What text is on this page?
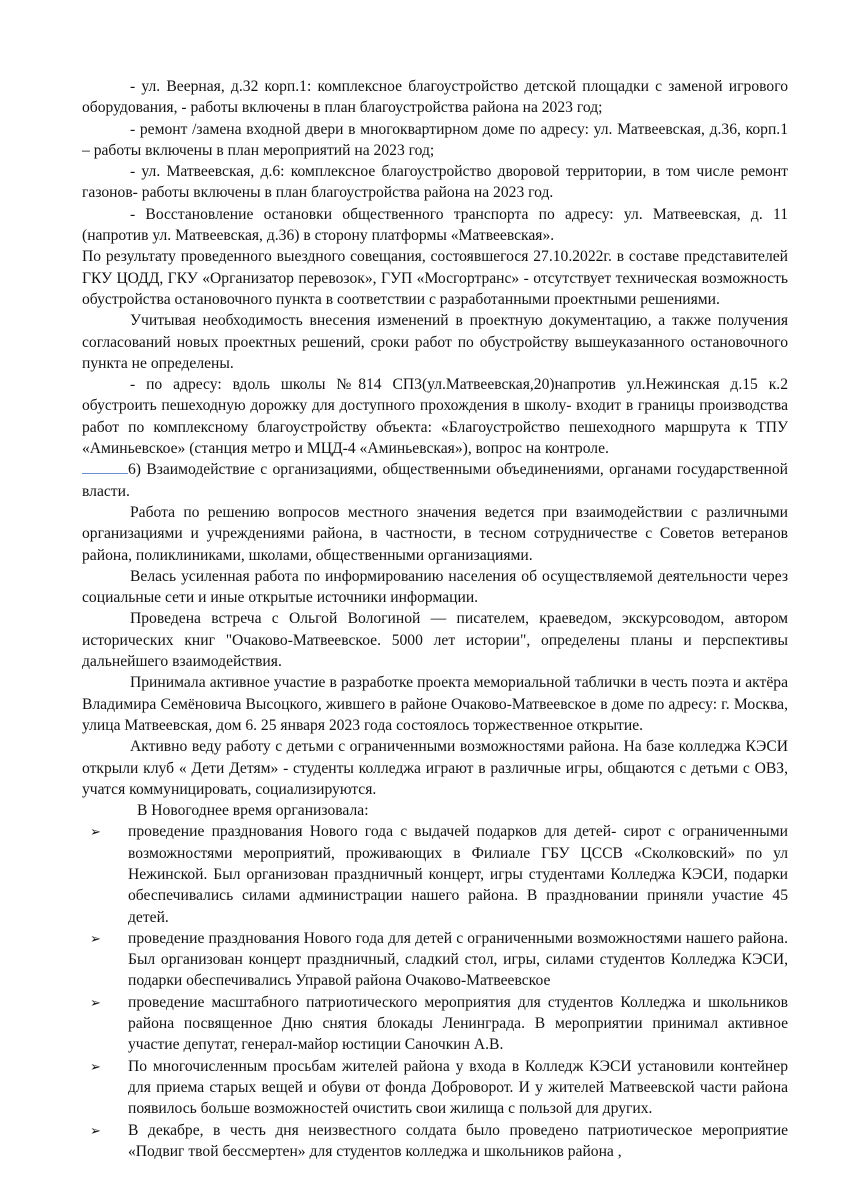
- ул. Веерная, д.32 корп.1: комплексное благоустройство детской площадки с заменой игрового оборудования, - работы включены в план благоустройства района на 2023 год;

- ремонт /замена входной двери в многоквартирном доме по адресу: ул. Матвеевская, д.36, корп.1 – работы включены в план мероприятий на 2023 год;

- ул. Матвеевская, д.6: комплексное благоустройство дворовой территории, в том числе ремонт газонов- работы включены в план благоустройства района на 2023 год.

- Восстановление остановки общественного транспорта по адресу: ул. Матвеевская, д. 11 (напротив ул. Матвеевская, д.36) в сторону платформы «Матвеевская».

По результату проведенного выездного совещания, состоявшегося 27.10.2022г. в составе представителей ГКУ ЦОДД, ГКУ «Организатор перевозок», ГУП «Мосгортранс» - отсутствует техническая возможность обустройства остановочного пункта в соответствии с разработанными проектными решениями.

Учитывая необходимость внесения изменений в проектную документацию, а также получения согласований новых проектных решений, сроки работ по обустройству вышеуказанного остановочного пункта не определены.

- по адресу: вдоль школы №814 СП3(ул.Матвеевская,20)напротив ул.Нежинская д.15 к.2 обустроить пешеходную дорожку для доступного прохождения в школу- входит в границы производства работ по комплексному благоустройству объекта: «Благоустройство пешеходного маршрута к ТПУ «Аминьевское» (станция метро и МЦД-4 «Аминьевская»), вопрос на контроле.

6) Взаимодействие с организациями, общественными объединениями, органами государственной власти.

Работа по решению вопросов местного значения ведется при взаимодействии с различными организациями и учреждениями района, в частности, в тесном сотрудничестве с Советов ветеранов района, поликлиниками, школами, общественными организациями.

Велась усиленная работа по информированию населения об осуществляемой деятельности через социальные сети и иные открытые источники информации.

Проведена встреча с Ольгой Вологиной — писателем, краеведом, экскурсоводом, автором исторических книг "Очаково-Матвеевское. 5000 лет истории", определены планы и перспективы дальнейшего взаимодействия.

Принимала активное участие в разработке проекта мемориальной таблички в честь поэта и актёра Владимира Семёновича Высоцкого, жившего в районе Очаково-Матвеевское в доме по адресу: г. Москва, улица Матвеевская, дом 6. 25 января 2023 года состоялось торжественное открытие.

Активно веду работу с детьми с ограниченными возможностями района. На базе колледжа КЭСИ открыли клуб « Дети Детям» - студенты колледжа играют в различные игры, общаются с детьми с ОВЗ, учатся коммуницировать, социализируются.

В Новогоднее время организовала:

➢ проведение празднования Нового года с выдачей подарков для детей- сирот с ограниченными возможностями мероприятий, проживающих в Филиале ГБУ ЦССВ «Сколковский» по ул Нежинской. Был организован праздничный концерт, игры студентами Колледжа КЭСИ, подарки обеспечивались силами администрации нашего района. В праздновании приняли участие 45 детей.
➢ проведение празднования Нового года для детей с ограниченными возможностями нашего района. Был организован концерт праздничный, сладкий стол, игры, силами студентов Колледжа КЭСИ, подарки обеспечивались Управой района Очаково-Матвеевское
➢ проведение масштабного патриотического мероприятия для студентов Колледжа и школьников района посвященное Дню снятия блокады Ленинграда. В мероприятии принимал активное участие депутат, генерал-майор юстиции Саночкин А.В.
➢ По многочисленным просьбам жителей района у входа в Колледж КЭСИ установили контейнер для приема старых вещей и обуви от фонда Доброворот. И у жителей Матвеевской части района появилось больше возможностей очистить свои жилища с пользой для других.
➢ В декабре, в честь дня неизвестного солдата было проведено патриотическое мероприятие «Подвиг твой бессмертен» для студентов колледжа и школьников района ,
